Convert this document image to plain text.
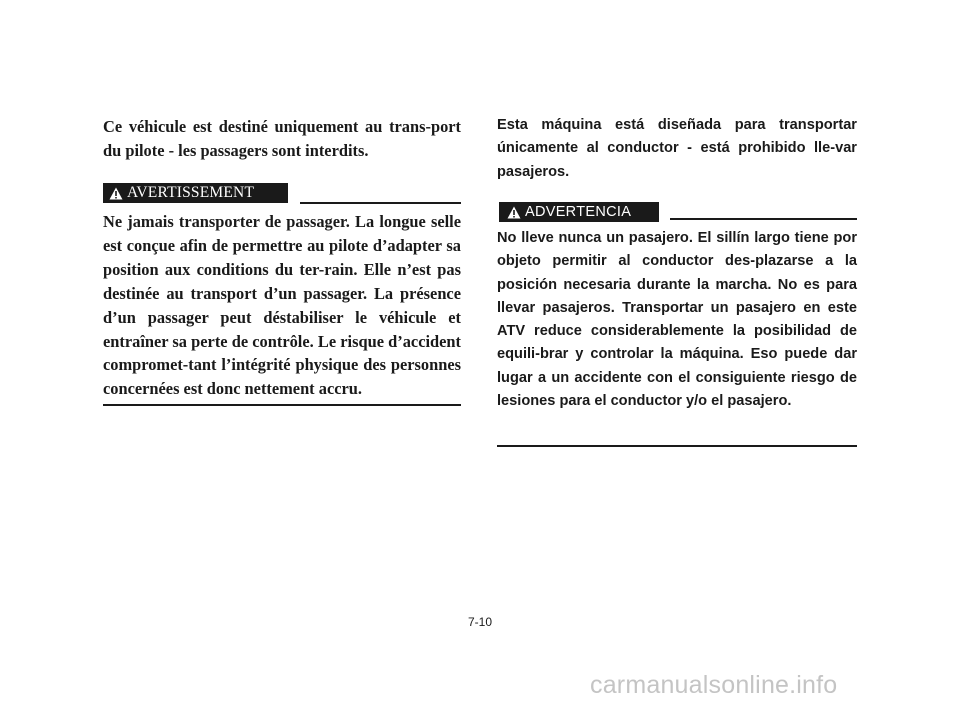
Ce véhicule est destiné uniquement au trans-port du pilote - les passagers sont interdits.

AVERTISSEMENT

Ne jamais transporter de passager. La longue selle est conçue afin de permettre au pilote d’adapter sa position aux conditions du ter-rain. Elle n’est pas destinée au transport d’un passager. La présence d’un passager peut déstabiliser le véhicule et entraîner sa perte de contrôle. Le risque d’accident compromet-tant l’intégrité physique des personnes concernées est donc nettement accru.

Esta máquina está diseñada para transportar únicamente al conductor - está prohibido lle-var pasajeros.

ADVERTENCIA

No lleve nunca un pasajero. El sillín largo tiene por objeto permitir al conductor des-plazarse a la posición necesaria durante la marcha. No es para llevar pasajeros. Transportar un pasajero en este ATV reduce considerablemente la posibilidad de equili-brar y controlar la máquina. Eso puede dar lugar a un accidente con el consiguiente riesgo de lesiones para el conductor y/o el pasajero.

7-10
carmanualsonline.info
